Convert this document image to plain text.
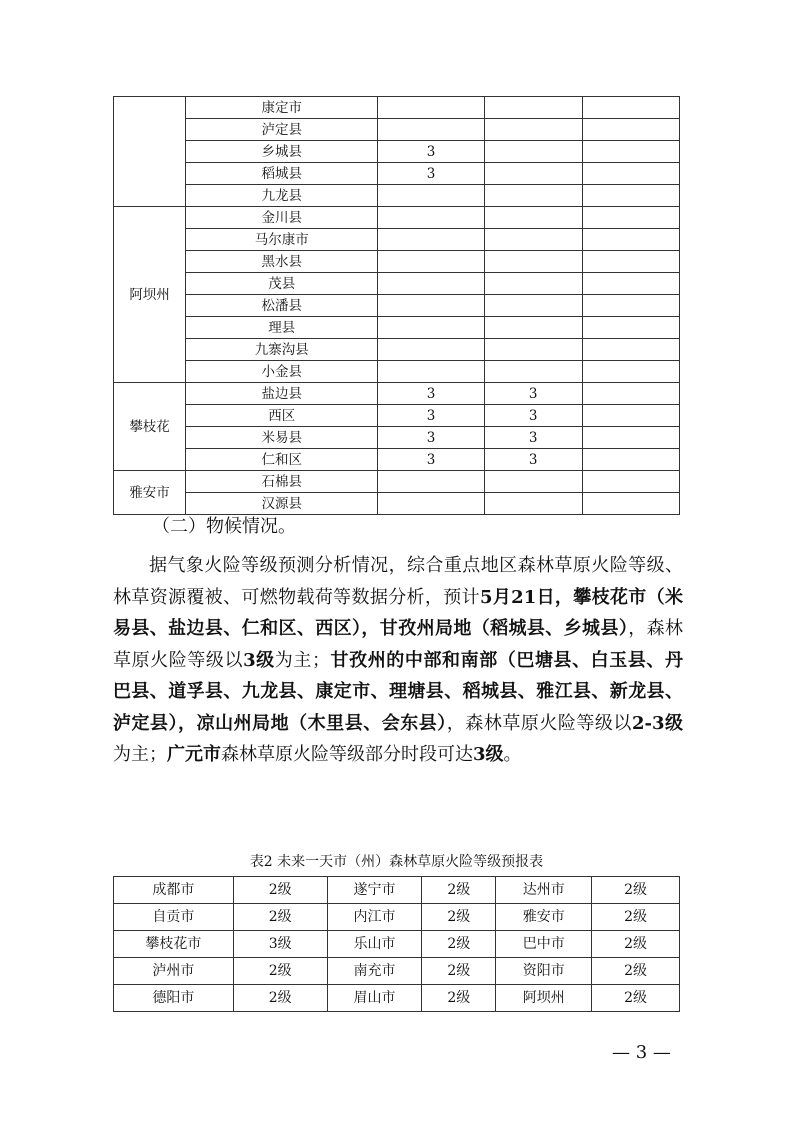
	康定市			
	泸定县			
	乡城县	3		
	稻城县	3		
	九龙县			
阿坝州	金川县			
	马尔康市			
	黑水县			
	茂县			
	松潘县			
	理县			
	九寨沟县			
	小金县			
攀枝花	盐边县	3	3	
	西区	3	3	
	米易县	3	3	
	仁和区	3	3	
雅安市	石棉县			
	汉源县			
（二）物候情况。
据气象火险等级预测分析情况，综合重点地区森林草原火险等级、林草资源覆被、可燃物载荷等数据分析，预计5月21日，攀枝花市（米易县、盐边县、仁和区、西区），甘孜州局地（稻城县、乡城县），森林草原火险等级以3级为主；甘孜州的中部和南部（巴塘县、白玉县、丹巴县、道孚县、九龙县、康定市、理塘县、稻城县、雅江县、新龙县、泸定县），凉山州局地（木里县、会东县），森林草原火险等级以2-3级为主；广元市森林草原火险等级部分时段可达3级。
表2 未来一天市（州）森林草原火险等级预报表
成都市	2级	遂宁市	2级	达州市	2级
自贡市	2级	内江市	2级	雅安市	2级
攀枝花市	3级	乐山市	2级	巴中市	2级
泸州市	2级	南充市	2级	资阳市	2级
德阳市	2级	眉山市	2级	阿坝州	2级
— 3 —
